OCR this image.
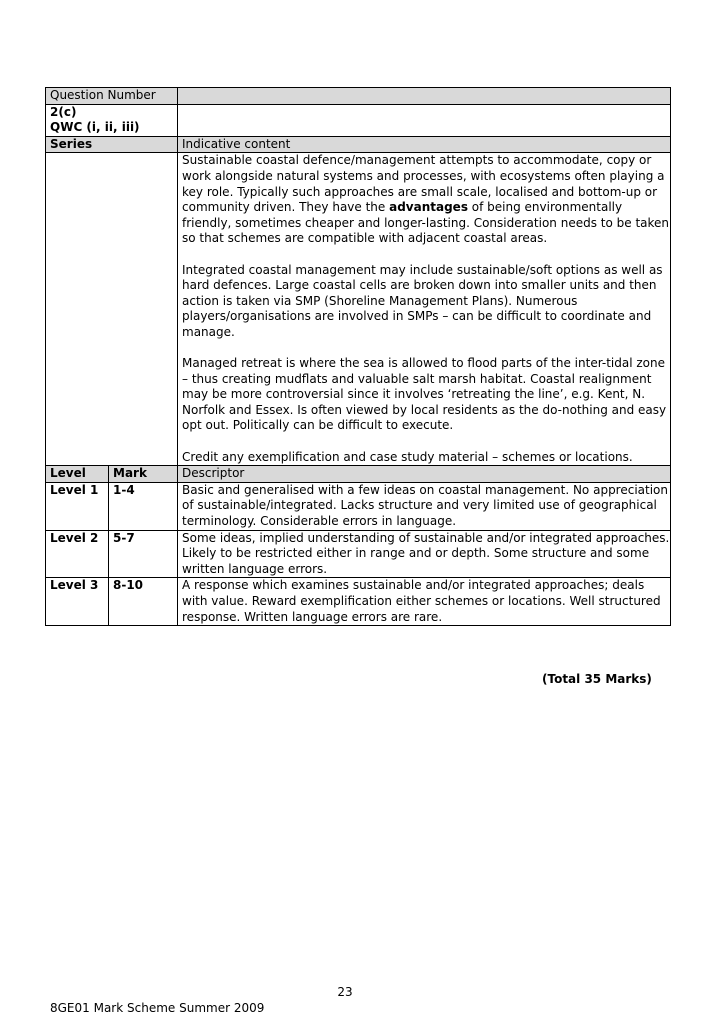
Question Number		

2(c)
QWC (i, ii, iii)		

Series		Indicative content

		Sustainable coastal defence/management attempts to accommodate, copy or work alongside natural systems and processes, with ecosystems often playing a key role. Typically such approaches are small scale, localised and bottom-up or community driven. They have the advantages of being environmentally friendly, sometimes cheaper and longer-lasting. Consideration needs to be taken so that schemes are compatible with adjacent coastal areas.

Integrated coastal management may include sustainable/soft options as well as hard defences. Large coastal cells are broken down into smaller units and then action is taken via SMP (Shoreline Management Plans). Numerous players/organisations are involved in SMPs – can be difficult to coordinate and manage.

Managed retreat is where the sea is allowed to flood parts of the inter-tidal zone – thus creating mudflats and valuable salt marsh habitat. Coastal realignment may be more controversial since it involves ‘retreating the line’, e.g. Kent, N. Norfolk and Essex. Is often viewed by local residents as the do-nothing and easy opt out. Politically can be difficult to execute.

Credit any exemplification and case study material – schemes or locations.

Level	Mark	Descriptor
Level 1	1-4	Basic and generalised with a few ideas on coastal management. No appreciation of sustainable/integrated. Lacks structure and very limited use of geographical terminology. Considerable errors in language.
Level 2	5-7	Some ideas, implied understanding of sustainable and/or integrated approaches. Likely to be restricted either in range and or depth. Some structure and some written language errors.
Level 3	8-10	A response which examines sustainable and/or integrated approaches; deals with value. Reward exemplification either schemes or locations. Well structured response. Written language errors are rare.
(Total 35 Marks)
23
8GE01 Mark Scheme Summer 2009
